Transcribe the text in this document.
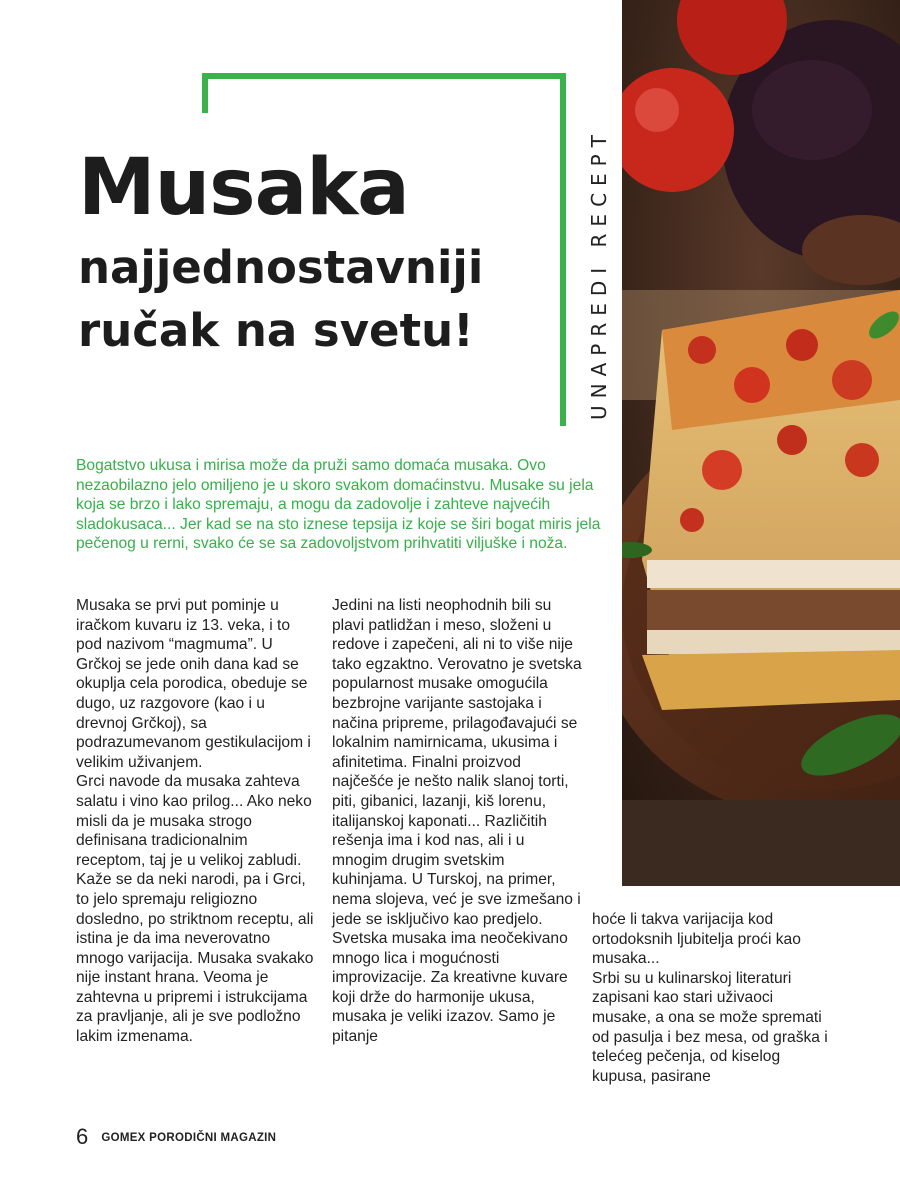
Musaka
najjednostavniji
ručak na svetu!	UNAPREDI RECEPT

Bogatstvo ukusa i mirisa može da pruži samo domaća musaka. Ovo nezaobilazno jelo omiljeno je u skoro svakom domaćinstvu. Musake su jela koja se brzo i lako spremaju, a mogu da zadovolje i zahteve najvećih sladokusaca... Jer kad se na sto iznese tepsija iz koje se širi bogat miris jela pečenog u rerni, svako će se sa zadovoljstvom prihvatiti viljuške i noža.

Musaka se prvi put pominje u iračkom kuvaru iz 13. veka, i to pod nazivom “magmuma”. U Grčkoj se jede onih dana kad se okuplja cela porodica, obeduje se dugo, uz razgovore (kao i u drevnoj Grčkoj), sa podrazumevanom gestikulacijom i velikim uživanjem.

Grci navode da musaka zahteva salatu i vino kao prilog... Ako neko misli da je musaka strogo definisana tradicionalnim receptom, taj je u velikoj zabludi. Kaže se da neki narodi, pa i Grci, to jelo spremaju religiozno dosledno, po striktnom receptu, ali istina je da ima neverovatno mnogo varijacija. Musaka svakako nije instant hrana. Veoma je zahtevna u pripremi i istrukcijama za pravljanje, ali je sve podložno lakim izmenama.

Jedini na listi neophodnih bili su plavi patlidžan i meso, složeni u redove i zapečeni, ali ni to više nije tako egzaktno. Verovatno je svetska popularnost musake omogućila bezbrojne varijante sastojaka i načina pripreme, prilagođavajući se lokalnim namirnicama, ukusima i afinitetima. Finalni proizvod najčešće je nešto nalik slanoj torti, piti, gibanici, lazanji, kiš lorenu, italijanskoj kaponati... Različitih rešenja ima i kod nas, ali i u mnogim drugim svetskim kuhinjama. U Turskoj, na primer, nema slojeva, već je sve izmešano i jede se isključivo kao predjelo.

Svetska musaka ima neočekivano mnogo lica i mogućnosti improvizacije. Za kreativne kuvare koji drže do harmonije ukusa, musaka je veliki izazov. Samo je pitanje

hoće li takva varijacija kod ortodoksnih ljubitelja proći kao musaka...

Srbi su u kulinarskoj literaturi zapisani kao stari uživaoci musake, a ona se može spremati od pasulja i bez mesa, od graška i telećeg pečenja, od kiselog kupusa, pasirane

6 GOMEX PORODIČNI MAGAZIN
